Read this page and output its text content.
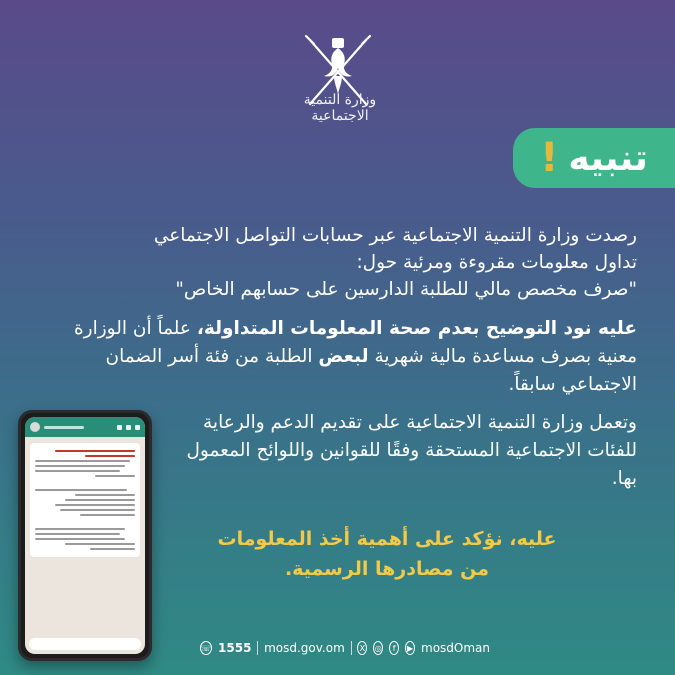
وزارة التنمية الاجتماعية
تنبيه
!
رصدت وزارة التنمية الاجتماعية عبر حسابات التواصل الاجتماعي
تداول معلومات مقروءة ومرئية حول:
"صرف مخصص مالي للطلبة الدارسين على حسابهم الخاص"
عليه نود التوضيح بعدم صحة المعلومات المتداولة، علماً أن الوزارة معنية بصرف مساعدة مالية شهرية لبعض الطلبة من فئة أسر الضمان الاجتماعي سابقاً.
وتعمل وزارة التنمية الاجتماعية على تقديم الدعم والرعاية للفئات الاجتماعية المستحقة وفقًا للقوانين واللوائح المعمول بها.
عليه، نؤكد على أهمية أخذ المعلومات
من مصادرها الرسمية.
☏ 1555 mosd.gov.om X ◎	f	▶ mosdOman
